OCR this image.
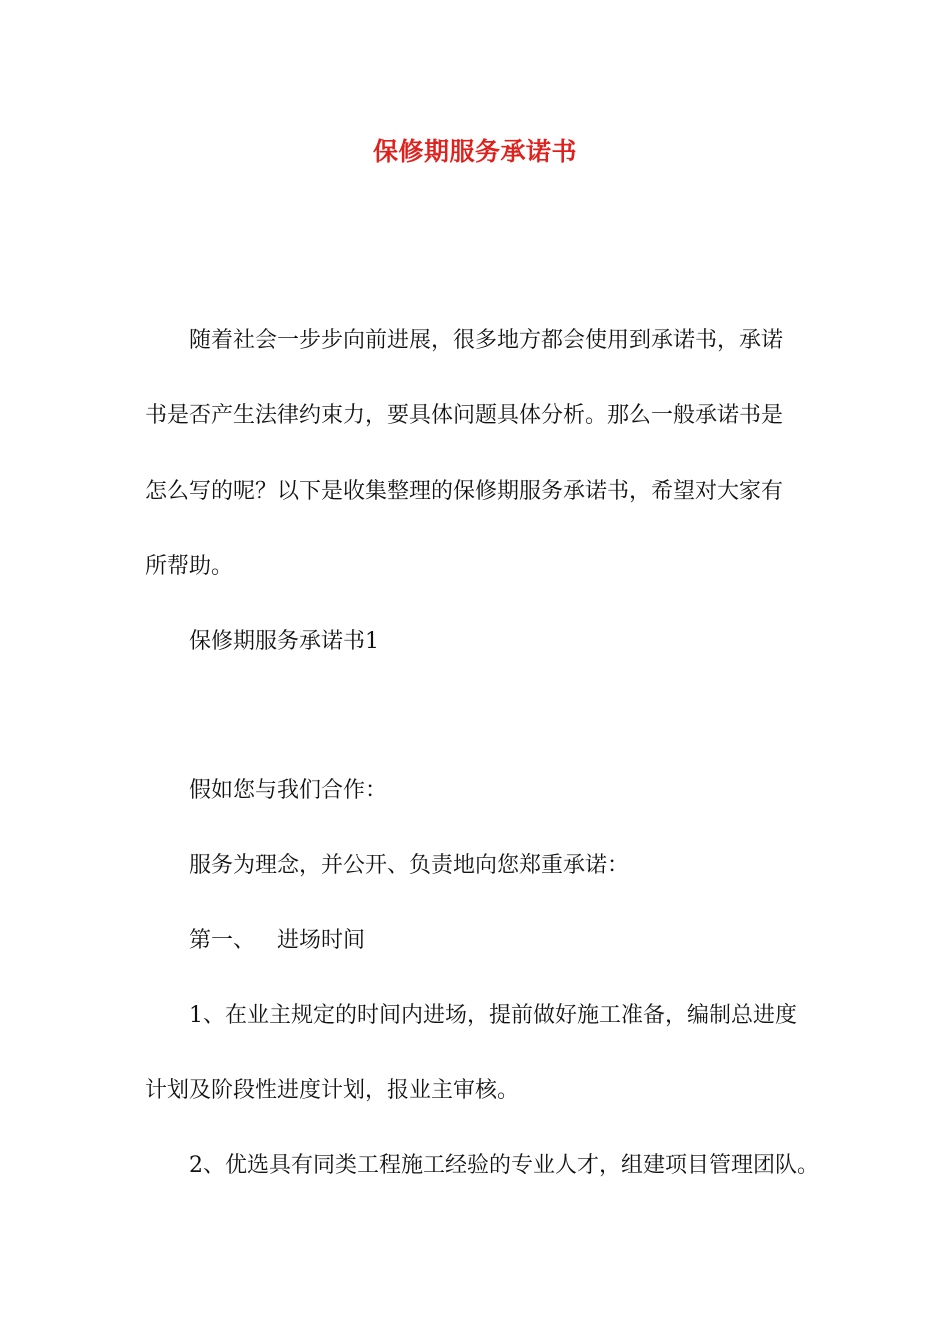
保修期服务承诺书

随着社会一步步向前进展，很多地方都会使用到承诺书，承诺

书是否产生法律约束力，要具体问题具体分析。那么一般承诺书是

怎么写的呢？以下是收集整理的保修期服务承诺书，希望对大家有

所帮助。

保修期服务承诺书1

假如您与我们合作：

服务为理念，并公开、负责地向您郑重承诺：

第一、 进场时间

1、在业主规定的时间内进场，提前做好施工准备，编制总进度

计划及阶段性进度计划，报业主审核。

2、优选具有同类工程施工经验的专业人才，组建项目管理团队。
